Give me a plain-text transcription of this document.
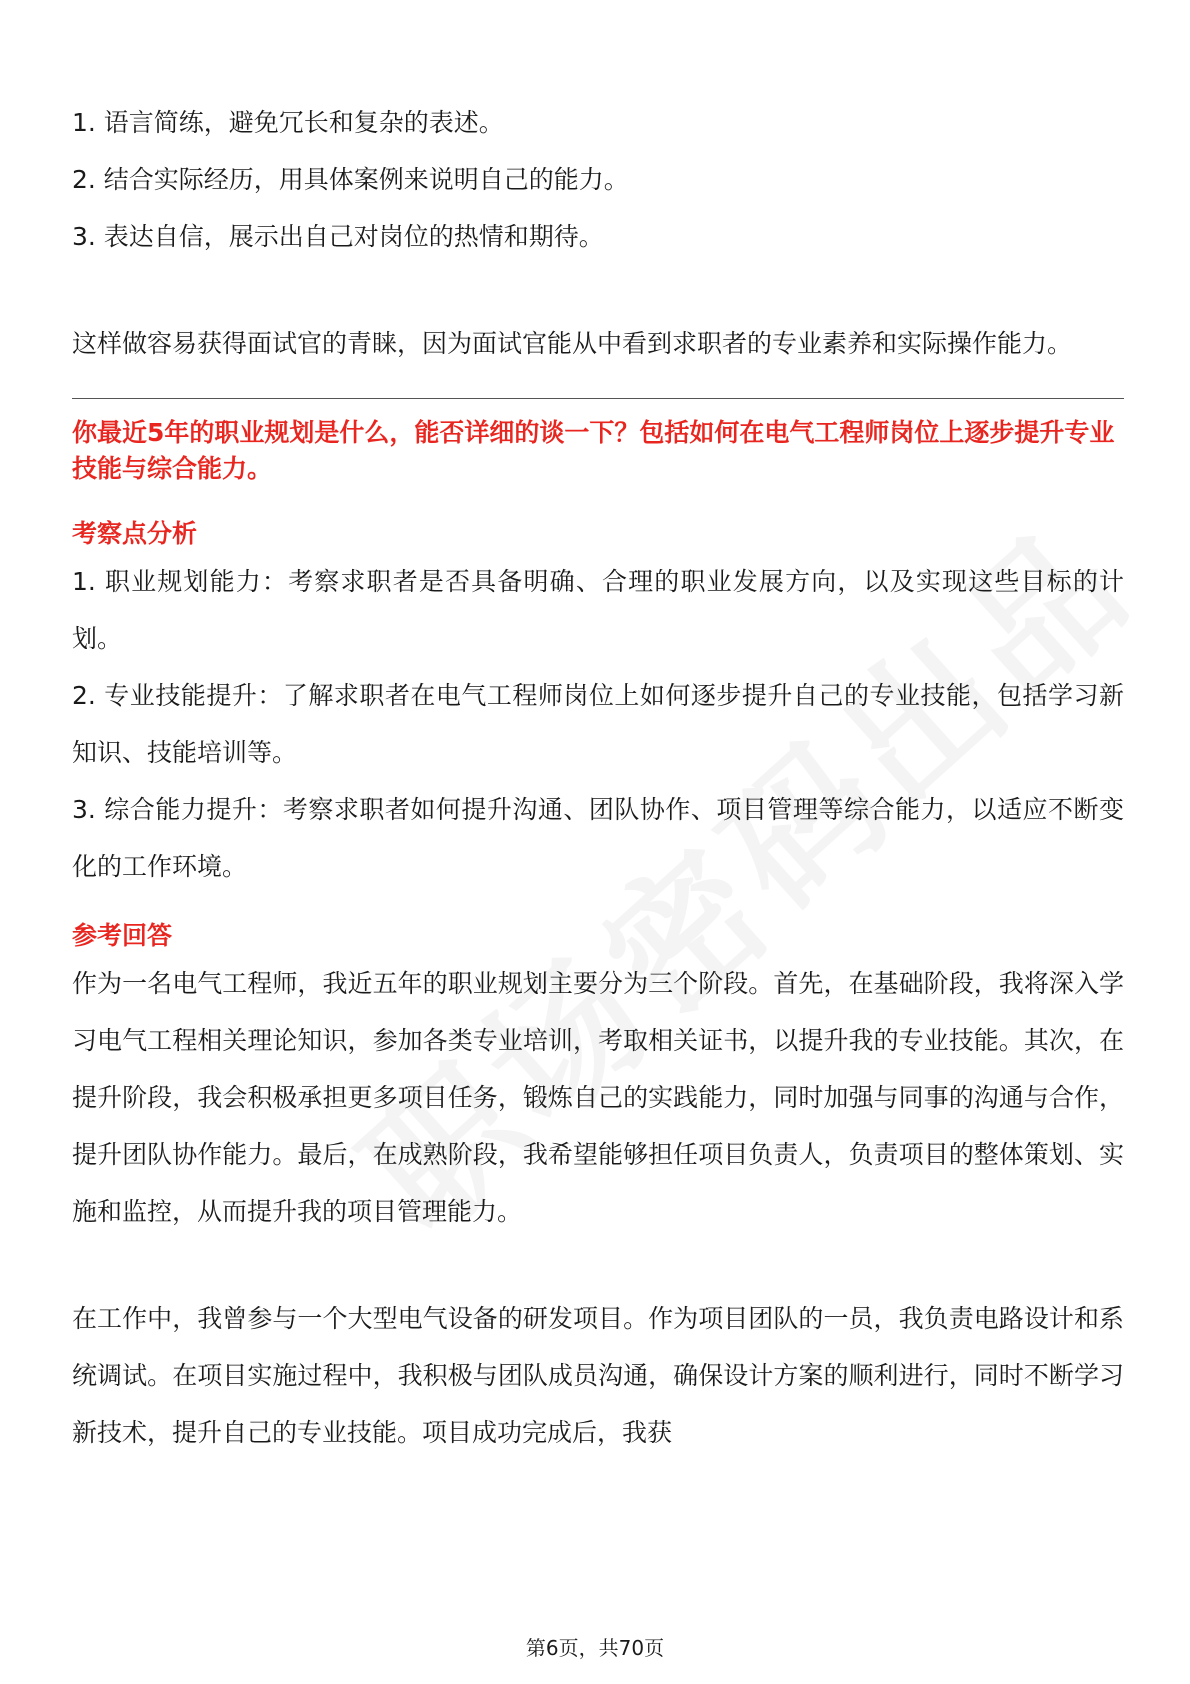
1. 语言简练，避免冗长和复杂的表述。

2. 结合实际经历，用具体案例来说明自己的能力。

3. 表达自信，展示出自己对岗位的热情和期待。

这样做容易获得面试官的青睐，因为面试官能从中看到求职者的专业素养和实际操作能力。

你最近5年的职业规划是什么，能否详细的谈一下？包括如何在电气工程师岗位上逐步提升专业技能与综合能力。

考察点分析

1. 职业规划能力：考察求职者是否具备明确、合理的职业发展方向，以及实现这些目标的计划。

2. 专业技能提升：了解求职者在电气工程师岗位上如何逐步提升自己的专业技能，包括学习新知识、技能培训等。

3. 综合能力提升：考察求职者如何提升沟通、团队协作、项目管理等综合能力，以适应不断变化的工作环境。

参考回答

作为一名电气工程师，我近五年的职业规划主要分为三个阶段。首先，在基础阶段，我将深入学习电气工程相关理论知识，参加各类专业培训，考取相关证书，以提升我的专业技能。其次，在提升阶段，我会积极承担更多项目任务，锻炼自己的实践能力，同时加强与同事的沟通与合作，提升团队协作能力。最后，在成熟阶段，我希望能够担任项目负责人，负责项目的整体策划、实施和监控，从而提升我的项目管理能力。

在工作中，我曾参与一个大型电气设备的研发项目。作为项目团队的一员，我负责电路设计和系统调试。在项目实施过程中，我积极与团队成员沟通，确保设计方案的顺利进行，同时不断学习新技术，提升自己的专业技能。项目成功完成后，我获

第6页，共70页
